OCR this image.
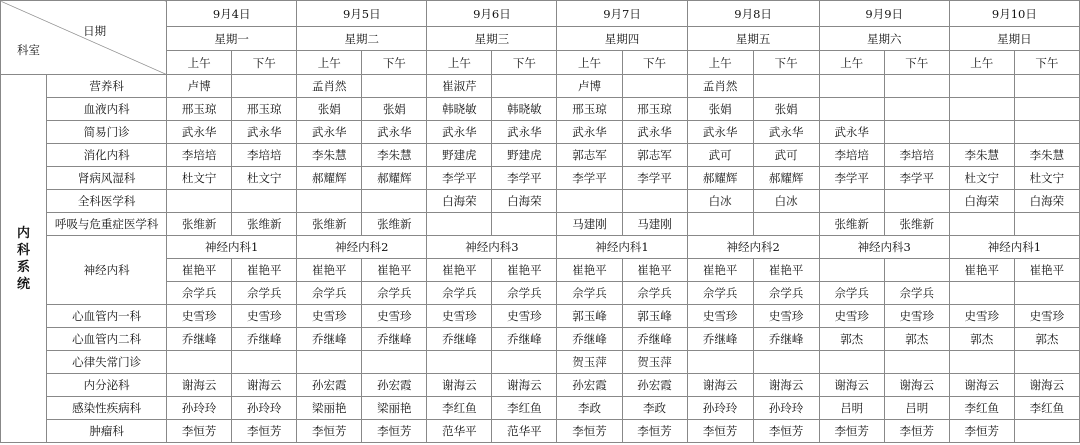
日期
科室		9月4日		9月5日		9月6日		9月7日		9月8日		9月9日		9月10日	
		星期一		星期二		星期三		星期四		星期五		星期六		星期日	
		上午	下午	上午	下午	上午	下午	上午	下午	上午	下午	上午	下午	上午	下午
内科系统	营养科	卢博		孟肖然		崔淑芹		卢博		孟肖然					
	血液内科	邢玉琼	邢玉琼	张娟	张娟	韩晓敏	韩晓敏	邢玉琼	邢玉琼	张娟	张娟				
	简易门诊	武永华	武永华	武永华	武永华	武永华	武永华	武永华	武永华	武永华	武永华	武永华			
	消化内科	李培培	李培培	李朱慧	李朱慧	野建虎	野建虎	郭志军	郭志军	武可	武可	李培培	李培培	李朱慧	李朱慧
	肾病风湿科	杜文宁	杜文宁	郝耀辉	郝耀辉	李学平	李学平	李学平	李学平	郝耀辉	郝耀辉	李学平	李学平	杜文宁	杜文宁
	全科医学科					白海荣	白海荣			白冰	白冰			白海荣	白海荣
	呼吸与危重症医学科	张维新	张维新	张维新	张维新			马建刚	马建刚			张维新	张维新		
	神经内科	神经内科1		神经内科2		神经内科3		神经内科1		神经内科2		神经内科3		神经内科1	
		崔艳平	崔艳平	崔艳平	崔艳平	崔艳平	崔艳平	崔艳平	崔艳平	崔艳平	崔艳平			崔艳平	崔艳平
		佘学兵	佘学兵	佘学兵	佘学兵	佘学兵	佘学兵	佘学兵	佘学兵	佘学兵	佘学兵	佘学兵	佘学兵		
	心血管内一科	史雪珍	史雪珍	史雪珍	史雪珍	史雪珍	史雪珍	郭玉峰	郭玉峰	史雪珍	史雪珍	史雪珍	史雪珍	史雪珍	史雪珍
	心血管内二科	乔继峰	乔继峰	乔继峰	乔继峰	乔继峰	乔继峰	乔继峰	乔继峰	乔继峰	乔继峰	郭杰	郭杰	郭杰	郭杰
	心律失常门诊							贺玉萍	贺玉萍						
	内分泌科	谢海云	谢海云	孙宏霞	孙宏霞	谢海云	谢海云	孙宏霞	孙宏霞	谢海云	谢海云	谢海云	谢海云	谢海云	谢海云
	感染性疾病科	孙玲玲	孙玲玲	梁丽艳	梁丽艳	李红鱼	李红鱼	李政	李政	孙玲玲	孙玲玲	吕明	吕明	李红鱼	李红鱼
	肿瘤科	李恒芳	李恒芳	李恒芳	李恒芳	范华平	范华平	李恒芳	李恒芳	李恒芳	李恒芳	李恒芳	李恒芳	李恒芳	
